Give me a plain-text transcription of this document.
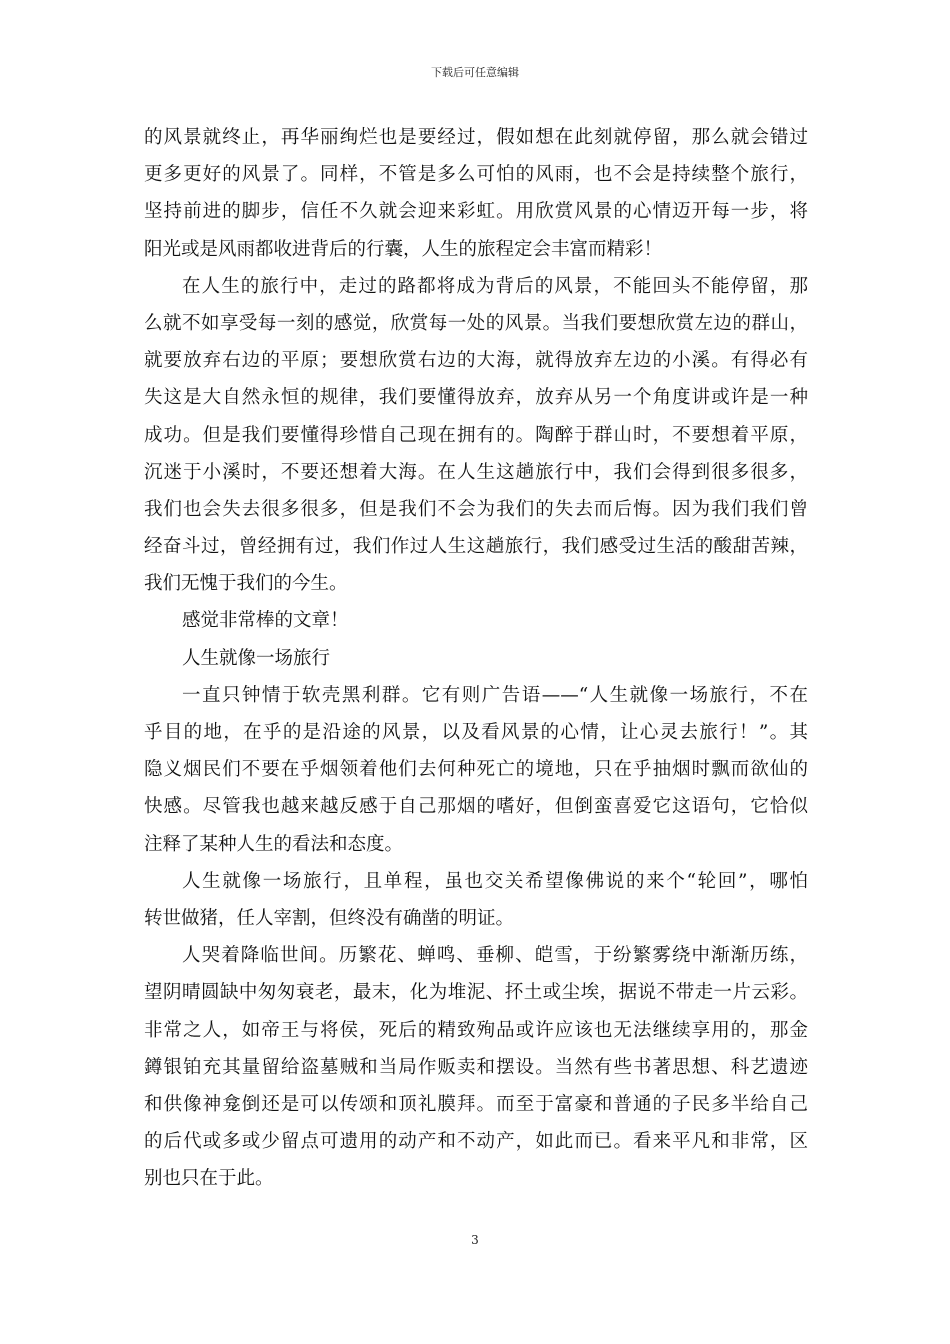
下载后可任意编辑
的风景就终止，再华丽绚烂也是要经过，假如想在此刻就停留，那么就会错过
更多更好的风景了。同样，不管是多么可怕的风雨，也不会是持续整个旅行，
坚持前进的脚步，信任不久就会迎来彩虹。用欣赏风景的心情迈开每一步，将
阳光或是风雨都收进背后的行囊，人生的旅程定会丰富而精彩！
在人生的旅行中，走过的路都将成为背后的风景，不能回头不能停留，那
么就不如享受每一刻的感觉，欣赏每一处的风景。当我们要想欣赏左边的群山，
就要放弃右边的平原；要想欣赏右边的大海，就得放弃左边的小溪。有得必有
失这是大自然永恒的规律，我们要懂得放弃，放弃从另一个角度讲或许是一种
成功。但是我们要懂得珍惜自己现在拥有的。陶醉于群山时，不要想着平原，
沉迷于小溪时，不要还想着大海。在人生这趟旅行中，我们会得到很多很多，
我们也会失去很多很多，但是我们不会为我们的失去而后悔。因为我们我们曾
经奋斗过，曾经拥有过，我们作过人生这趟旅行，我们感受过生活的酸甜苦辣，
我们无愧于我们的今生。
感觉非常棒的文章！
人生就像一场旅行
一直只钟情于软壳黑利群。它有则广告语——“人生就像一场旅行，不在
乎目的地，在乎的是沿途的风景，以及看风景的心情，让心灵去旅行！”。其
隐义烟民们不要在乎烟领着他们去何种死亡的境地，只在乎抽烟时飘而欲仙的
快感。尽管我也越来越反感于自己那烟的嗜好，但倒蛮喜爱它这语句，它恰似
注释了某种人生的看法和态度。
人生就像一场旅行，且单程，虽也交关希望像佛说的来个“轮回”，哪怕
转世做猪，任人宰割，但终没有确凿的明证。
人哭着降临世间。历繁花、蝉鸣、垂柳、皑雪，于纷繁雾绕中渐渐历练，
望阴晴圆缺中匆匆衰老，最末，化为堆泥、抔土或尘埃，据说不带走一片云彩。
非常之人，如帝王与将侯，死后的精致殉品或许应该也无法继续享用的，那金
鐏银铂充其量留给盗墓贼和当局作贩卖和摆设。当然有些书著思想、科艺遗迹
和供像神龛倒还是可以传颂和顶礼膜拜。而至于富豪和普通的子民多半给自己
的后代或多或少留点可遗用的动产和不动产，如此而已。看来平凡和非常，区
别也只在于此。
3
